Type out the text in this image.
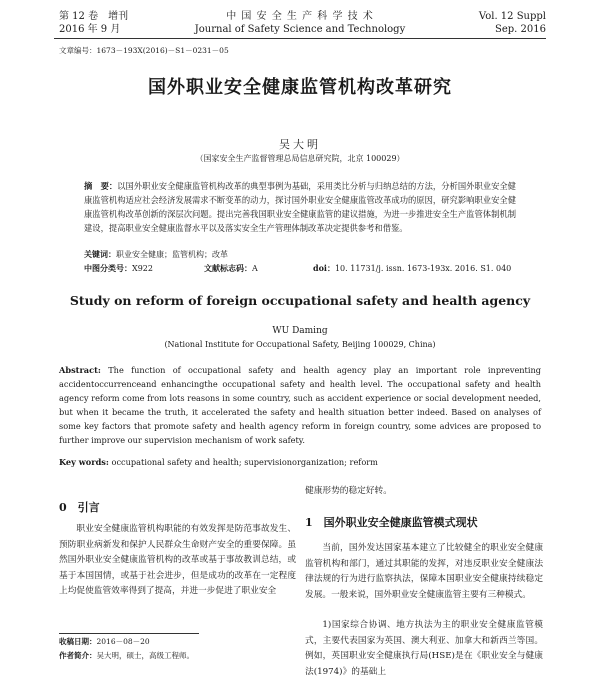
第 12 卷　增刊
2016 年 9 月
中 国 安 全 生 产 科 学 技 术
Journal of Safety Science and Technology
Vol. 12 Suppl
Sep. 2016
文章编号：1673－193X(2016)－S1－0231－05
国外职业安全健康监管机构改革研究
吴大明
（国家安全生产监督管理总局信息研究院，北京 100029）
摘　要：以国外职业安全健康监管机构改革的典型事例为基础，采用类比分析与归纳总结的方法，分析国外职业安全健康监管机构适应社会经济发展需求不断变革的动力，探讨国外职业安全健康监管改革成功的原因，研究影响职业安全健康监管机构改革创新的深层次问题。提出完善我国职业安全健康监管的建议措施，为进一步推进安全生产监管体制机制建设，提高职业安全健康监督水平以及落实安全生产管理体制改革决定提供参考和借鉴。
关键词：职业安全健康；监管机构；改革
中图分类号：X922	文献标志码：A	doi：10. 11731/j. issn. 1673-193x. 2016. S1. 040
Study on reform of foreign occupational safety and health agency
WU Daming
(National Institute for Occupational Safety, Beijing 100029, China)
Abstract: The function of occupational safety and health agency play an important role inpreventing accidentoccurrenceand enhancingthe occupational safety and health level. The occupational safety and health agency reform come from lots reasons in some country, such as accident experience or social development needed, but when it became the truth, it accelerated the safety and health situation better indeed. Based on analyses of some key factors that promote safety and health agency reform in foreign country, some advices are proposed to further improve our supervision mechanism of work safety.
Key words: occupational safety and health; supervisionorganization; reform
0　引言
职业安全健康监管机构职能的有效发挥是防范事故发生、预防职业病新发和保护人民群众生命财产安全的重要保障。虽然国外职业安全健康监管机构的改革或基于事故教训总结，或基于本国国情，或基于社会进步，但是成功的改革在一定程度上均促使监管效率得到了提高，并进一步促进了职业安全
收稿日期：2016－08－20
作者简介：吴大明，硕士，高级工程师。
健康形势的稳定好转。
1　国外职业安全健康监管模式现状
当前，国外发达国家基本建立了比较健全的职业安全健康监管机构和部门，通过其职能的发挥，对违反职业安全健康法律法规的行为进行监察执法，保障本国职业安全健康持续稳定发展。一般来说，国外职业安全健康监管主要有三种模式。
1)国家综合协调、地方执法为主的职业安全健康监管模式，主要代表国家为英国、澳大利亚、加拿大和新西兰等国。例如，英国职业安全健康执行局(HSE)是在《职业安全与健康法(1974)》的基础上
